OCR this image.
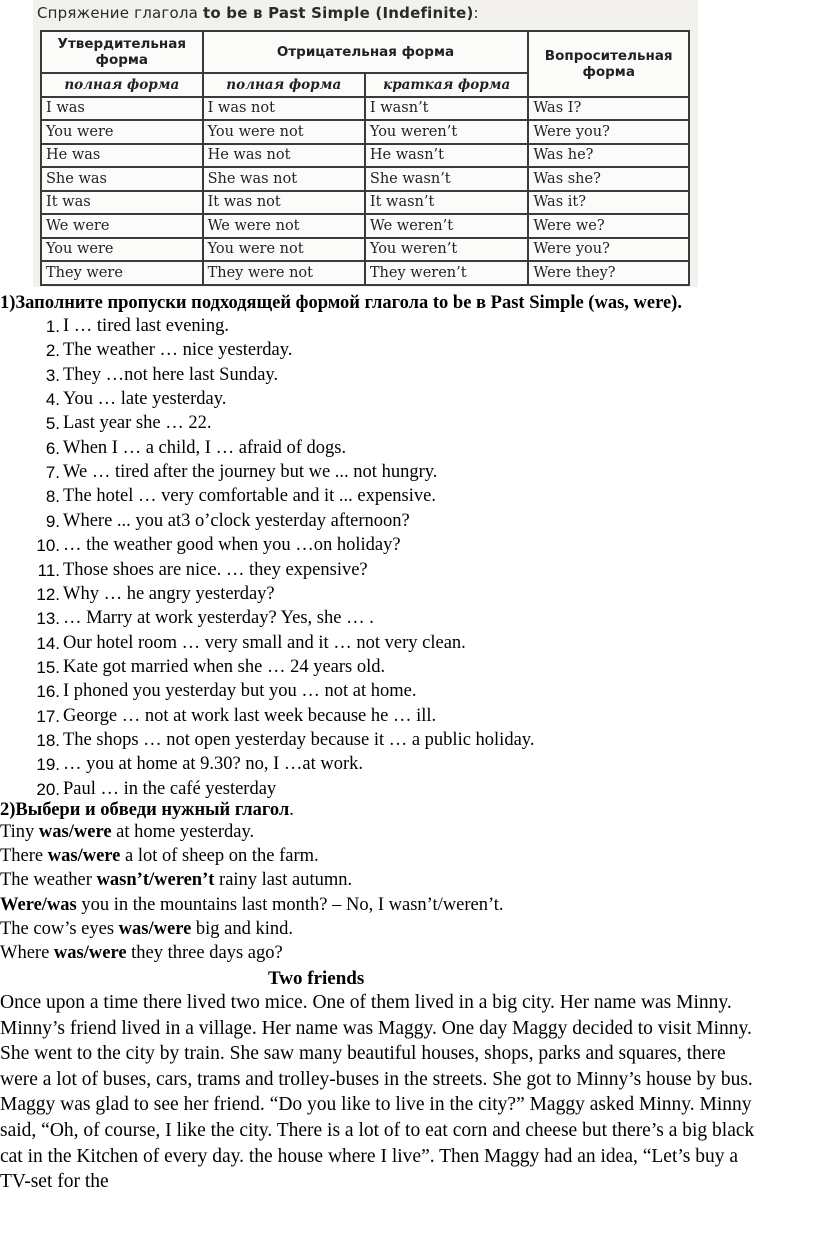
Спряжение глагола to be в Past Simple (Indefinite):
Утвердительная форма	Отрицательная форма		Вопросительная форма
полная форма	полная форма	краткая форма	
I was	I was not	I wasn’t	Was I?
You were	You were not	You weren’t	Were you?
He was	He was not	He wasn’t	Was he?
She was	She was not	She wasn’t	Was she?
It was	It was not	It wasn’t	Was it?
We were	We were not	We weren’t	Were we?
You were	You were not	You weren’t	Were you?
They were	They were not	They weren’t	Were they?
1)Заполните пропуски подходящей формой глагола to be в Past Simple (was, were).
1. I … tired last evening.
2. The weather … nice yesterday.
3. They …not here last Sunday.
4. You … late yesterday.
5. Last year she … 22.
6. When I … a child, I … afraid of dogs.
7. We … tired after the journey but we ... not hungry.
8. The hotel … very comfortable and it ... expensive.
9. Where ... you at3 o’clock yesterday afternoon?
10. … the weather good when you …on holiday?
11. Those shoes are nice. … they expensive?
12. Why … he angry yesterday?
13. … Marry at work yesterday? Yes, she … .
14. Our hotel room … very small and it … not very clean.
15. Kate got married when she … 24 years old.
16. I phoned you yesterday but you … not at home.
17. George … not at work last week because he … ill.
18. The shops … not open yesterday because it … a public holiday.
19. … you at home at 9.30? no, I …at work.
20. Paul … in the café yesterday
2)Выбери и обведи нужный глагол.
Tiny was/were at home yesterday.
There was/were a lot of sheep on the farm.
The weather wasn’t/weren’t rainy last autumn.
Were/was you in the mountains last month? – No, I wasn’t/weren’t.
The cow’s eyes was/were big and kind.
Where was/were they three days ago?
Two friends
Once upon a time there lived two mice. One of them lived in a big city. Her name was Minny.
Minny’s friend lived in a village. Her name was Maggy. One day Maggy decided to visit Minny.
She went to the city by train. She saw many beautiful houses, shops, parks and squares, there
were a lot of buses, cars, trams and trolley-buses in the streets. She got to Minny’s house by bus.
Maggy was glad to see her friend. “Do you like to live in the city?” Maggy asked Minny. Minny
said, “Oh, of course, I like the city. There is a lot of to eat corn and cheese but there’s a big black
cat in the Kitchen of every day. the house where I live”. Then Maggy had an idea, “Let’s buy a
TV-set for the
